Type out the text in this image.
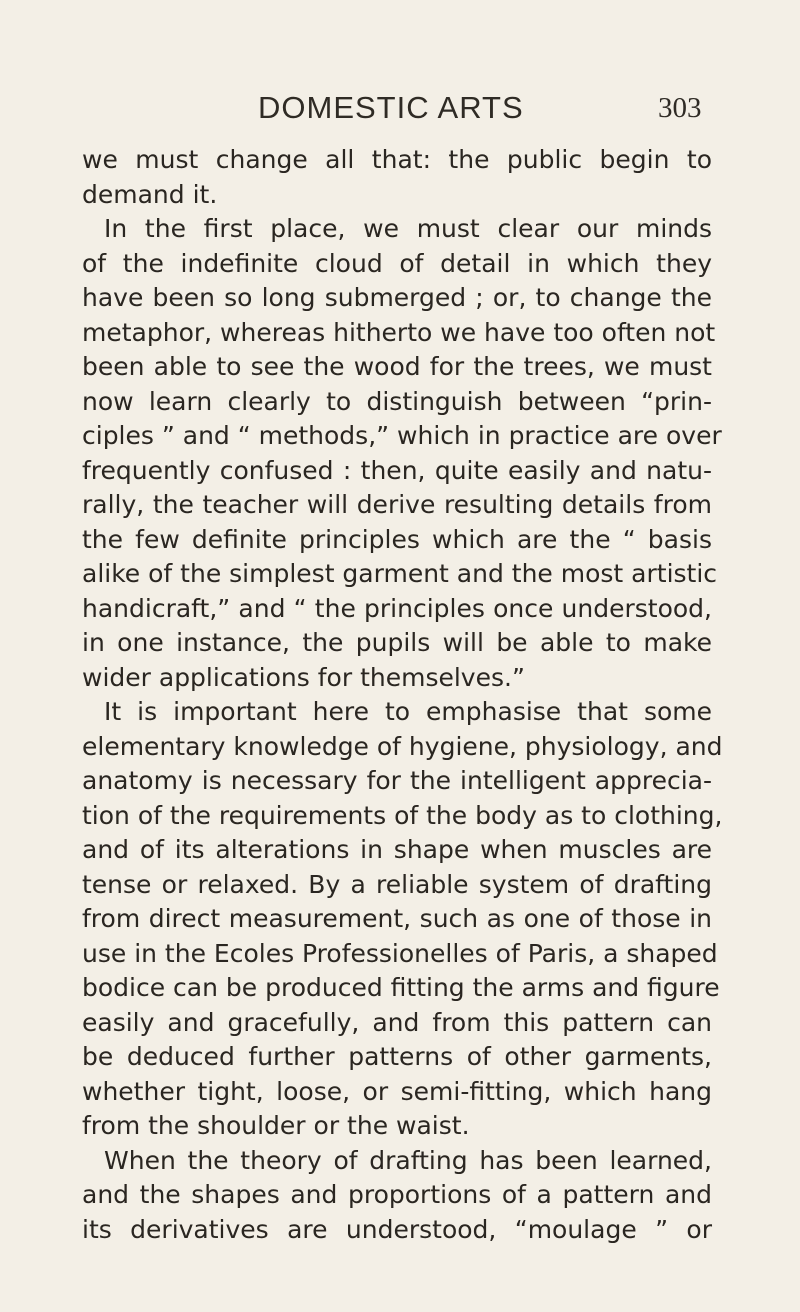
DOMESTIC ARTS	303
we must change all that: the public begin to
demand it.
In the first place, we must clear our minds
of the indefinite cloud of detail in which they
have been so long submerged ; or, to change the
metaphor, whereas hitherto we have too often not
been able to see the wood for the trees, we must
now learn clearly to distinguish between “prin-
ciples ” and “ methods,” which in practice are over
frequently confused : then, quite easily and natu-
rally, the teacher will derive resulting details from
the few definite principles which are the “ basis
alike of the simplest garment and the most artistic
handicraft,” and “ the principles once understood,
in one instance, the pupils will be able to make
wider applications for themselves.”
It is important here to emphasise that some
elementary knowledge of hygiene, physiology, and
anatomy is necessary for the intelligent apprecia-
tion of the requirements of the body as to clothing,
and of its alterations in shape when muscles are
tense or relaxed. By a reliable system of drafting
from direct measurement, such as one of those in
use in the Ecoles Professionelles of Paris, a shaped
bodice can be produced fitting the arms and figure
easily and gracefully, and from this pattern can
be deduced further patterns of other garments,
whether tight, loose, or semi-fitting, which hang
from the shoulder or the waist.
When the theory of drafting has been learned,
and the shapes and proportions of a pattern and
its derivatives are understood, “moulage ” or
